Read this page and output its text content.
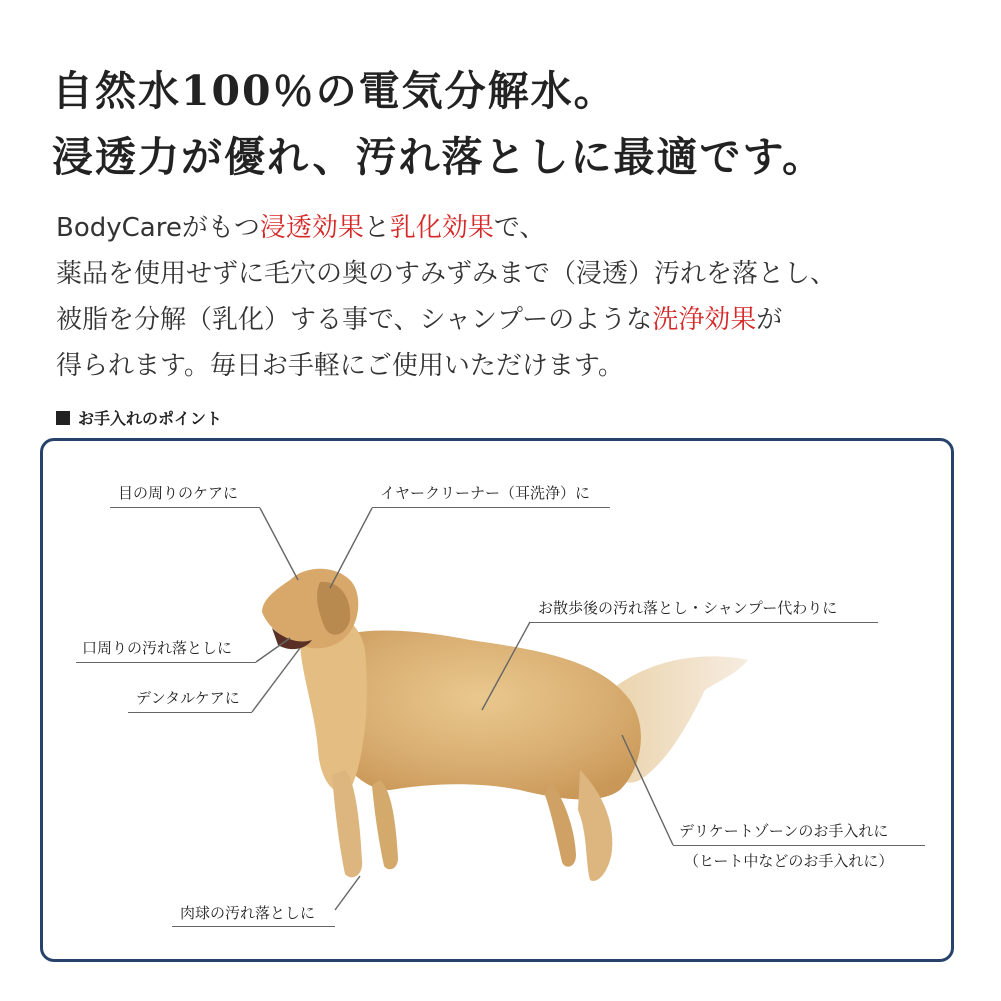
自然水100％の電気分解水。
浸透力が優れ、汚れ落としに最適です。
BodyCareがもつ浸透効果と乳化効果で、
薬品を使用せずに毛穴の奥のすみずみまで（浸透）汚れを落とし、
被脂を分解（乳化）する事で、シャンプーのような洗浄効果が
得られます。毎日お手軽にご使用いただけます。
お手入れのポイント
目の周りのケアに	イヤークリーナー（耳洗浄）に
お散歩後の汚れ落とし・シャンプー代わりに
口周りの汚れ落としに
デンタルケアに
デリケートゾーンのお手入れに
（ヒート中などのお手入れに）
肉球の汚れ落としに
